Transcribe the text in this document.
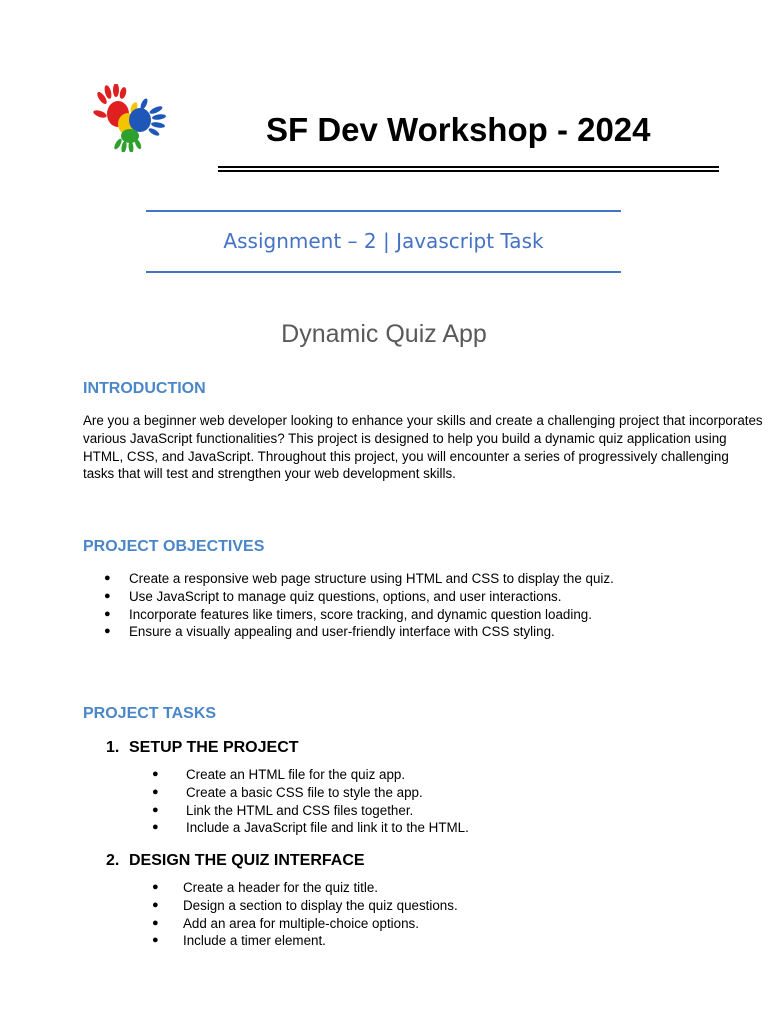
SF Dev Workshop - 2024
Assignment – 2 | Javascript Task
Dynamic Quiz App
INTRODUCTION

Are you a beginner web developer looking to enhance your skills and create a challenging project that incorporates various JavaScript functionalities? This project is designed to help you build a dynamic quiz application using HTML, CSS, and JavaScript. Throughout this project, you will encounter a series of progressively challenging tasks that will test and strengthen your web development skills.

PROJECT OBJECTIVES
● Create a responsive web page structure using HTML and CSS to display the quiz.
● Use JavaScript to manage quiz questions, options, and user interactions.
● Incorporate features like timers, score tracking, and dynamic question loading.
● Ensure a visually appealing and user-friendly interface with CSS styling.
PROJECT TASKS
1. SETUP THE PROJECT
● Create an HTML file for the quiz app.
● Create a basic CSS file to style the app.
● Link the HTML and CSS files together.
● Include a JavaScript file and link it to the HTML.
2. DESIGN THE QUIZ INTERFACE
● Create a header for the quiz title.
● Design a section to display the quiz questions.
● Add an area for multiple-choice options.
● Include a timer element.
